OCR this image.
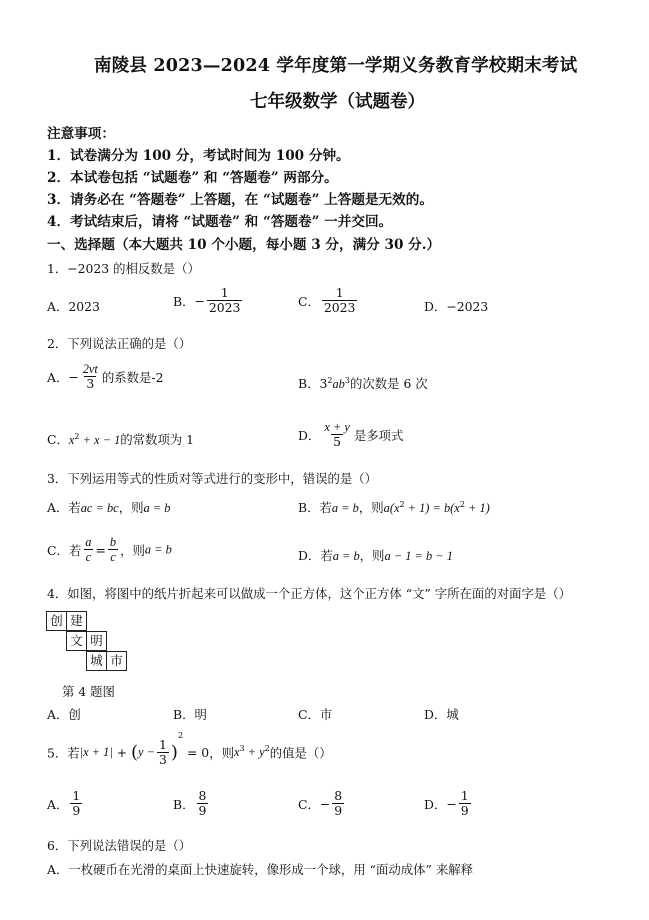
南陵县 2023—2024 学年度第一学期义务教育学校期末考试
七年级数学（试题卷）
注意事项：
1．试卷满分为 100 分，考试时间为 100 分钟。
2．本试卷包括 “试题卷” 和 “答题卷” 两部分。
3．请务必在 “答题卷” 上答题，在 “试题卷” 上答题是无效的。
4．考试结束后，请将 “试题卷” 和 “答题卷” 一并交回。
一、选择题（本大题共 10 个小题，每小题 3 分，满分 30 分.）
1．−2023 的相反数是（）
A．2023	B．− $\frac{1}{2023}$	C． $\frac{1}{2023}$	D．−2023
2．下列说法正确的是（）
A．− $\frac{2vt}{3}$ 的系数是-2	B．$3^2ab^3$的次数是 6 次
C．$x^2 + x - 1$的常数项为 1	D． $\frac{x + y}{5}$ 是多项式
3．下列运用等式的性质对等式进行的变形中，错误的是（）
A．若ac = bc，则a = b	B．若a = b，则$a(x^2 + 1) = b(x^2 + 1)$
C．若 $\frac{a}{c} = \frac{b}{c}$ ，则a = b	D．若a = b，则a − 1 = b − 1
4．如图，将图中的纸片折起来可以做成一个正方体，这个正方体 “文” 字所在面的对面字是（）
创 建
文 明
城 市
第 4 题图
A．创	B．明	C．市	D．城
5．若$|x + 1| + (y - \frac{1}{3} )^2 = 0$，则$x^3 + y^2$的值是（）
A． $\frac{1}{9}$	B． $\frac{8}{9}$	C．− $\frac{8}{9}$	D．− $\frac{1}{9}$
6．下列说法错误的是（）
A．一枚硬币在光滑的桌面上快速旋转，像形成一个球，用 “面动成体” 来解释
